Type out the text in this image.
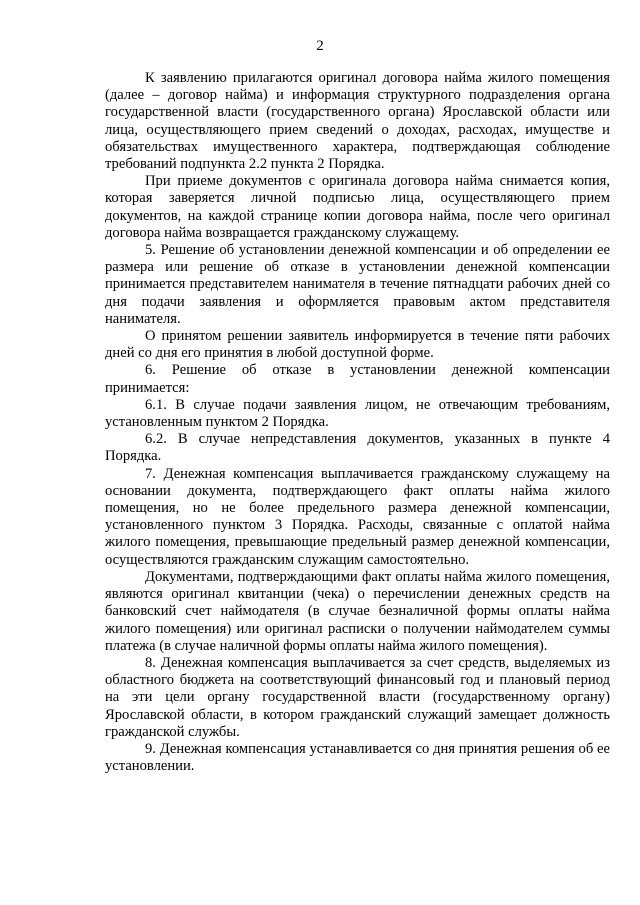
2

К заявлению прилагаются оригинал договора найма жилого помещения (далее – договор найма) и информация структурного подразделения органа государственной власти (государственного органа) Ярославской области или лица, осуществляющего прием сведений о доходах, расходах, имуществе и обязательствах имущественного характера, подтверждающая соблюдение требований подпункта 2.2 пункта 2 Порядка.

При приеме документов с оригинала договора найма снимается копия, которая заверяется личной подписью лица, осуществляющего прием документов, на каждой странице копии договора найма, после чего оригинал договора найма возвращается гражданскому служащему.

5. Решение об установлении денежной компенсации и об определении ее размера или решение об отказе в установлении денежной компенсации принимается представителем нанимателя в течение пятнадцати рабочих дней со дня подачи заявления и оформляется правовым актом представителя нанимателя.

О принятом решении заявитель информируется в течение пяти рабочих дней со дня его принятия в любой доступной форме.

6. Решение об отказе в установлении денежной компенсации принимается:

6.1. В случае подачи заявления лицом, не отвечающим требованиям, установленным пунктом 2 Порядка.

6.2. В случае непредставления документов, указанных в пункте 4 Порядка.

7. Денежная компенсация выплачивается гражданскому служащему на основании документа, подтверждающего факт оплаты найма жилого помещения, но не более предельного размера денежной компенсации, установленного пунктом 3 Порядка. Расходы, связанные с оплатой найма жилого помещения, превышающие предельный размер денежной компенсации, осуществляются гражданским служащим самостоятельно.

Документами, подтверждающими факт оплаты найма жилого помещения, являются оригинал квитанции (чека) о перечислении денежных средств на банковский счет наймодателя (в случае безналичной формы оплаты найма жилого помещения) или оригинал расписки о получении наймодателем суммы платежа (в случае наличной формы оплаты найма жилого помещения).

8. Денежная компенсация выплачивается за счет средств, выделяемых из областного бюджета на соответствующий финансовый год и плановый период на эти цели органу государственной власти (государственному органу) Ярославской области, в котором гражданский служащий замещает должность гражданской службы.

9. Денежная компенсация устанавливается со дня принятия решения об ее установлении.
